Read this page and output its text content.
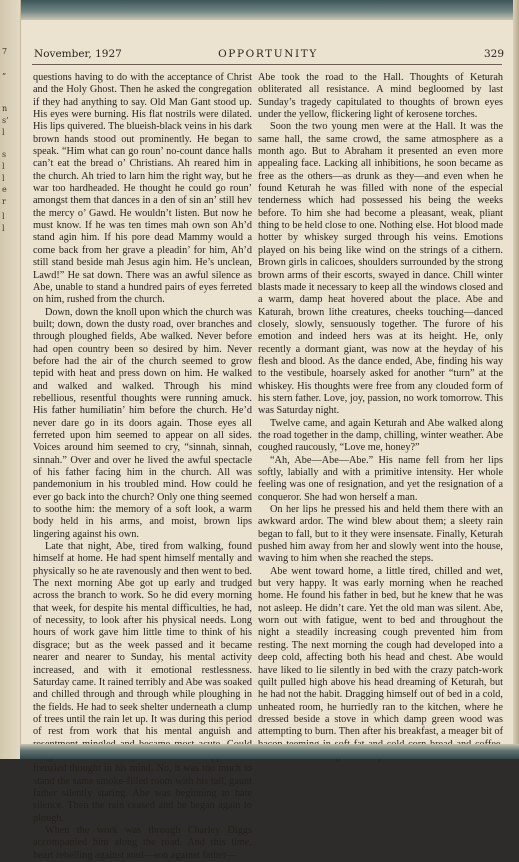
7
”
n
s’
l
s
l
l
e
r
l
l
November, 1927	OPPORTUNITY	329

questions having to do with the acceptance of Christ and the Holy Ghost. Then he asked the congregation if they had anything to say. Old Man Gant stood up. His eyes were burning. His flat nostrils were dilated. His lips quivered. The blueish-black veins in his dark brown hands stood out prominently. He began to speak. “Him what can go roun’ no-count dance halls can’t eat the bread o’ Christians. Ah reared him in the church. Ah tried to larn him the right way, but he war too hardheaded. He thought he could go roun’ amongst them that dances in a den of sin an’ still hev the mercy o’ Gawd. He wouldn’t listen. But now he must know. If he was ten times mah own son Ah’d stand agin him. If his pore dead Mammy would a come back from her grave a pleadin’ for him, Ah’d still stand beside mah Jesus agin him. He’s unclean, Lawd!” He sat down. There was an awful silence as Abe, unable to stand a hundred pairs of eyes ferreted on him, rushed from the church.

Down, down the knoll upon which the church was built; down, down the dusty road, over branches and through ploughed fields, Abe walked. Never before had open country been so desired by him. Never before had the air of the church seemed to grow tepid with heat and press down on him. He walked and walked and walked. Through his mind rebellious, resentful thoughts were running amuck. His father humiliatin’ him before the church. He’d never dare go in its doors again. Those eyes all ferreted upon him seemed to appear on all sides. Voices around him seemed to cry, “sinnah, sinnah, sinnah.” Over and over he lived the awful spectacle of his father facing him in the church. All was pandemonium in his troubled mind. How could he ever go back into the church? Only one thing seemed to soothe him: the memory of a soft look, a warm body held in his arms, and moist, brown lips lingering against his own.

Late that night, Abe, tired from walking, found himself at home. He had spent himself mentally and physically so he ate ravenously and then went to bed. The next morning Abe got up early and trudged across the branch to work. So he did every morning that week, for despite his mental difficulties, he had, of necessity, to look after his physical needs. Long hours of work gave him little time to think of his disgrace; but as the week passed and it became nearer and nearer to Sunday, his mental activity increased, and with it emotional restlessness. Saturday came. It rained terribly and Abe was soaked and chilled through and through while ploughing in the fields. He had to seek shelter underneath a clump of trees until the rain let up. It was during this period of rest from work that his mental anguish and frenzied thought in his mind. No, it was too much to stand the same smoke-filled room with his tall, gaunt father silently staring. Abe was beginning to hate silence. Then the rain ceased and he began again to plough.

When the work was through Charley Diggs accompanied him along the road. And this time, heart rebelling against soul—son against father—

Abe took the road to the Hall. Thoughts of Keturah obliterated all resistance. A mind begloomed by last Sunday’s tragedy capitulated to thoughts of brown eyes under the yellow, flickering light of kerosene torches.

Soon the two young men were at the Hall. It was the same hall, the same crowd, the same atmosphere as a month ago. But to Abraham it presented an even more appealing face. Lacking all inhibitions, he soon became as free as the others—as drunk as they—and even when he found Keturah he was filled with none of the especial tenderness which had possessed his being the weeks before. To him she had become a pleasant, weak, pliant thing to be held close to one. Nothing else. Hot blood made hotter by whiskey surged through his veins. Emotions played on his being like wind on the strings of a cithern. Brown girls in calicoes, shoulders surrounded by the strong brown arms of their escorts, swayed in dance. Chill winter blasts made it necessary to keep all the windows closed and a warm, damp heat hovered about the place. Abe and Katurah, brown lithe creatures, cheeks touching—danced closely, slowly, sensuously together. The furore of his emotion and indeed hers was at its height. He, only recently a dormant giant, was now at the heyday of his flesh and blood. As the dance ended, Abe, finding his way to the vestibule, hoarsely asked for another “turn” at the whiskey. His thoughts were free from any clouded form of his stern father. Love, joy, passion, no work tomorrow. This was Saturday night.

Twelve came, and again Keturah and Abe walked along the road together in the damp, chilling, winter weather. Abe coughed raucously, “Love me, honey?”

“Ah, Abe—Abe—Abe.” His name fell from her lips softly, labially and with a primitive intensity. Her whole feeling was one of resignation, and yet the resignation of a conqueror. She had won herself a man.

On her lips he pressed his and held them there with an awkward ardor. The wind blew about them; a sleety rain began to fall, but to it they were insensate. Finally, Keturah pushed him away from her and slowly went into the house, waving to him when she reached the steps.

Abe went toward home, a little tired, chilled and wet, but very happy. It was early morning when he reached home. He found his father in bed, but he knew that he was not asleep. He didn’t care. Yet the old man was silent. Abe, worn out with fatigue, went to bed and throughout the night a steadily increasing cough prevented him from resting. The next morning the cough had developed into a deep cold, affecting both his head and chest. Abe would have liked to lie silently in bed with the crazy patch-work quilt pulled high above his head dreaming of Keturah, but he had not the habit. Dragging himself out of bed in a cold, unheated room, he hurriedly ran to the kitchen, where he dressed beside a stove in which damp green wood was attempting to burn. Then after his breakfast, a meager bit of
